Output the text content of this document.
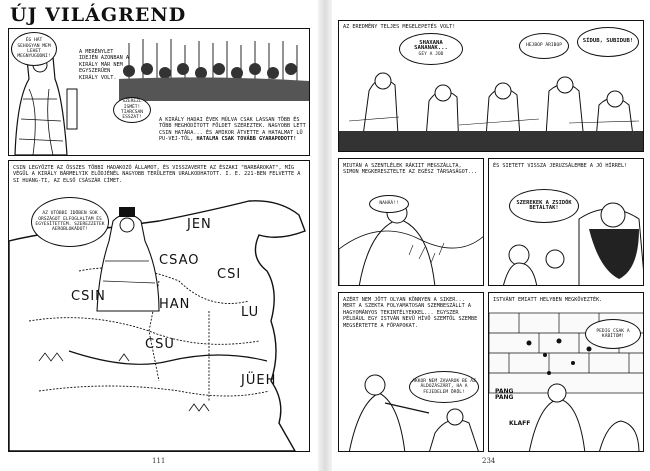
ÚJ VILÁGREND
ÉG HÁT SEHOGYAN MEM LEHET MEGNYUGODNI!
A MERÉNYLET IDEJÉN AZONBAN A KIRÁLY MÁR NEM EGYSZERŰEN KIRÁLY VOLT.
SZEREZL ISMÉT! TIARCSAN ESSZAT!	A KIRÁLY HADAI ÉVEK MÚLVA CSAK LASSAN TÖBB ÉS TÖBB MEGHÓDÍTOTT FÖLDET SZEREZTEK. NAGYOBB LETT CSIN HATÁRA... ÉS AMIKOR ÁTVETTE A HATALMAT LÜ PU-VEJ-TŐL, HATALMA CSAK TOVÁBB GYARAPODOTT!
CSIN LEGYŐZTE AZ ÖSSZES TÖBBI HADAKOZÓ ÁLLAMOT, ÉS VISSZAVERTE AZ ÉSZAKI "BARBÁROKAT", MÍG VÉGÜL A KIRÁLY BÁRMELYIK ELŐDJÉNÉL NAGYOBB TERÜLETEN URALKODHATOTT. I. E. 221-BEN FELVETTE A SI HUANG-TI, AZ ELSŐ CSÁSZÁR CÍMET.
AZ UTÓBBI IDŐBEN SOK ORSZÁGOT ELFOGLALTAM ÉS EGYESÍTETTEM. SZEREZZETEK AEROBLOKÁDOT!	JEN
CSAO
CSI
CSIN
HAN
LU
CSU
JÜEH
111
AZ EREDMÉNY TELJES MEGELEPETÉS VOLT!
SHAXANA SANANAK...
GEY A JOD
HEJBOP ÁRIBOP
SÍDUB, SUBIDUB!
MIUTÁN A SZENTLÉLEK RÁKIIT MEGSZÁLLTA, SIMON MEGKERESZTELTE AZ EGÉSZ TÁRSASÁGOT...
NAHÁÁ!!
ÉS SIETETT VISSZA JERUZSÁLEMBE A JÓ HÍRREL!
SZEREKEK A ZSIDÓK BETALTAK!
AZÉRT NEM JÖTT OLYAN KÖNNYEN A SIKER... MERT A SZEKTA FOLYAMATOSAN SZEMBESZÁLLT A HAGYOMÁNYOS TEKINTÉLYEKKEL... EGYSZER PÉLDÁUL EGY ISTVÁN NEVŰ HÍVŐ SZEMTŐL SZEMBE MEGSÉRTETTE A FŐPAPOKAT.
AKKOR NEM ZAVAROK BE AZ ÁLDOZÁSZÁRT, HA A FEJEDELEM ÖRÖL!
ISTVÁNT EMIATT HELYBEN MEGKÖVEZTÉK.
PEDIG CSAK A KÁBÍTÓM!
PANG PANG
KLAFF
234
